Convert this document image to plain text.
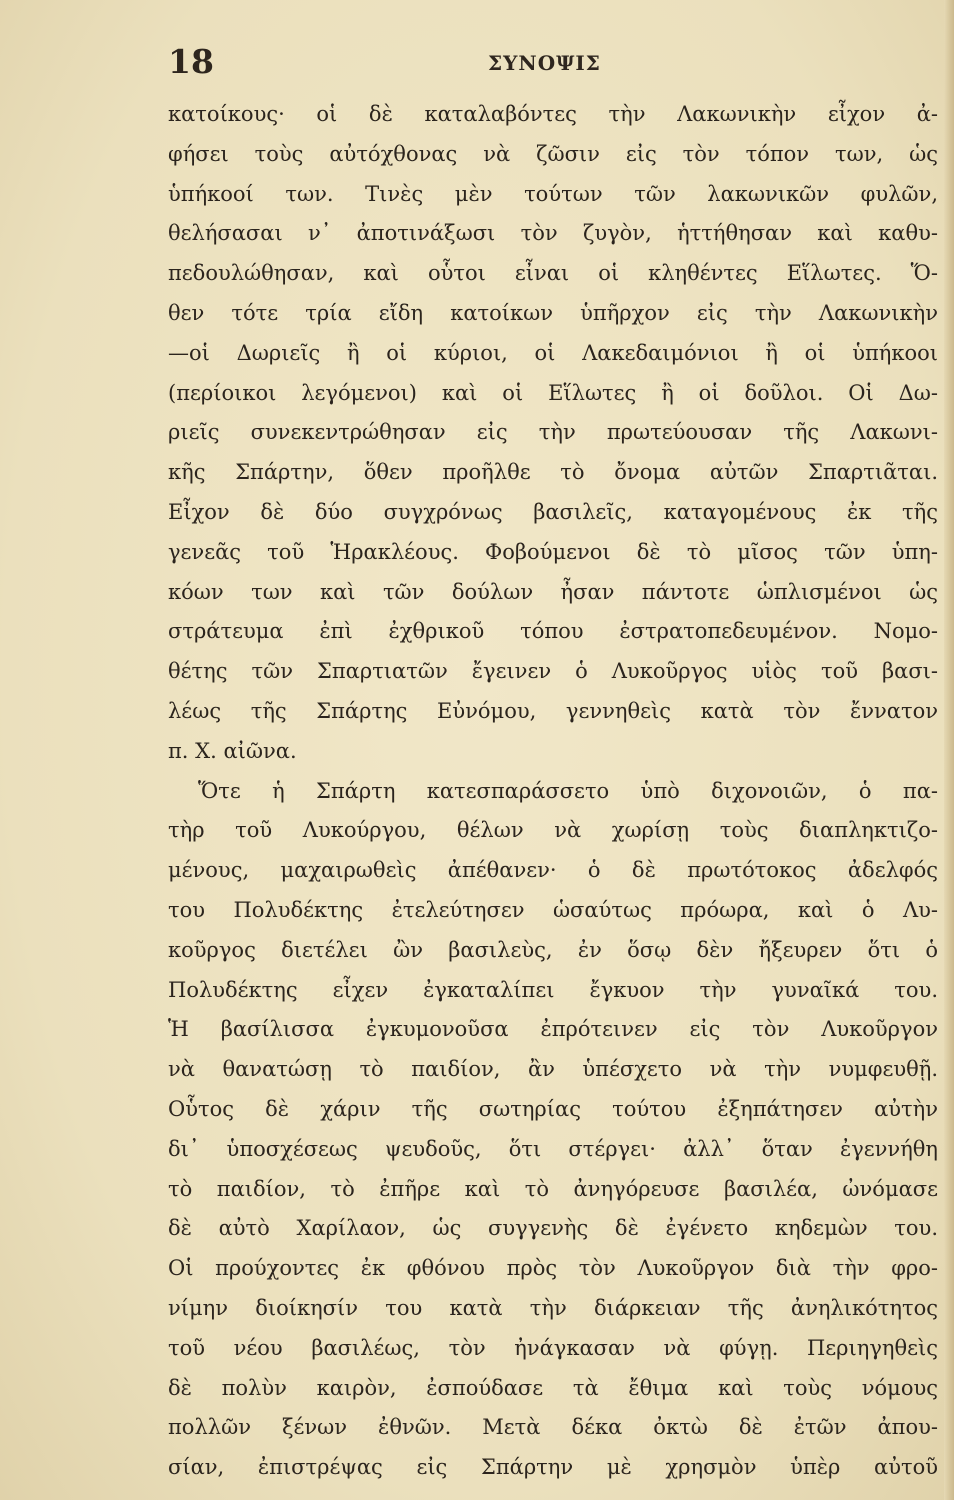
18	ΣΥΝΟΨΙΣ
κατοίκους· οἱ δὲ καταλαβόντες τὴν Λακωνικὴν εἶχον ἀ-
φήσει τοὺς αὐτόχθονας νὰ ζῶσιν εἰς τὸν τόπον των, ὡς
ὑπήκοοί των. Τινὲς μὲν τούτων τῶν λακωνικῶν φυλῶν,
θελήσασαι ν᾽ ἀποτινάξωσι τὸν ζυγὸν, ἡττήθησαν καὶ καθυ-
πεδουλώθησαν, καὶ οὗτοι εἶναι οἱ κληθέντες Εἵλωτες. Ὅ-
θεν τότε τρία εἴδη κατοίκων ὑπῆρχον εἰς τὴν Λακωνικὴν
—οἱ Δωριεῖς ἢ οἱ κύριοι, οἱ Λακεδαιμόνιοι ἢ οἱ ὑπήκοοι
(περίοικοι λεγόμενοι) καὶ οἱ Εἵλωτες ἢ οἱ δοῦλοι. Οἱ Δω-
ριεῖς συνεκεντρώθησαν εἰς τὴν πρωτεύουσαν τῆς Λακωνι-
κῆς Σπάρτην, ὅθεν προῆλθε τὸ ὄνομα αὐτῶν Σπαρτιᾶται.
Εἶχον δὲ δύο συγχρόνως βασιλεῖς, καταγομένους ἐκ τῆς
γενεᾶς τοῦ Ἡρακλέους. Φοβούμενοι δὲ τὸ μῖσος τῶν ὑπη-
κόων των καὶ τῶν δούλων ἦσαν πάντοτε ὡπλισμένοι ὡς
στράτευμα ἐπὶ ἐχθρικοῦ τόπου ἐστρατοπεδευμένον. Νομο-
θέτης τῶν Σπαρτιατῶν ἔγεινεν ὁ Λυκοῦργος υἱὸς τοῦ βασι-
λέως τῆς Σπάρτης Εὐνόμου, γεννηθεὶς κατὰ τὸν ἔννατον
π. Χ. αἰῶνα.
Ὅτε ἡ Σπάρτη κατεσπαράσσετο ὑπὸ διχονοιῶν, ὁ πα-
τὴρ τοῦ Λυκούργου, θέλων νὰ χωρίσῃ τοὺς διαπληκτιζο-
μένους, μαχαιρωθεὶς ἀπέθανεν· ὁ δὲ πρωτότοκος ἀδελφός
του Πολυδέκτης ἐτελεύτησεν ὡσαύτως πρόωρα, καὶ ὁ Λυ-
κοῦργος διετέλει ὢν βασιλεὺς, ἐν ὅσῳ δὲν ἤξευρεν ὅτι ὁ
Πολυδέκτης εἶχεν ἐγκαταλίπει ἔγκυον τὴν γυναῖκά του.
Ἡ βασίλισσα ἐγκυμονοῦσα ἐπρότεινεν εἰς τὸν Λυκοῦργον
νὰ θανατώσῃ τὸ παιδίον, ἂν ὑπέσχετο νὰ τὴν νυμφευθῇ.
Οὗτος δὲ χάριν τῆς σωτηρίας τούτου ἐξηπάτησεν αὐτὴν
δι᾽ ὑποσχέσεως ψευδοῦς, ὅτι στέργει· ἀλλ᾽ ὅταν ἐγεννήθη
τὸ παιδίον, τὸ ἐπῆρε καὶ τὸ ἀνηγόρευσε βασιλέα, ὠνόμασε
δὲ αὐτὸ Χαρίλαον, ὡς συγγενὴς δὲ ἐγένετο κηδεμὼν του.
Οἱ προύχοντες ἐκ φθόνου πρὸς τὸν Λυκοῦργον διὰ τὴν φρο-
νίμην διοίκησίν του κατὰ τὴν διάρκειαν τῆς ἀνηλικότητος
τοῦ νέου βασιλέως, τὸν ἠνάγκασαν νὰ φύγῃ. Περιηγηθεὶς
δὲ πολὺν καιρὸν, ἐσπούδασε τὰ ἔθιμα καὶ τοὺς νόμους
πολλῶν ξένων ἐθνῶν. Μετὰ δέκα ὀκτὼ δὲ ἐτῶν ἀπου-
σίαν, ἐπιστρέψας εἰς Σπάρτην μὲ χρησμὸν ὑπὲρ αὐτοῦ
